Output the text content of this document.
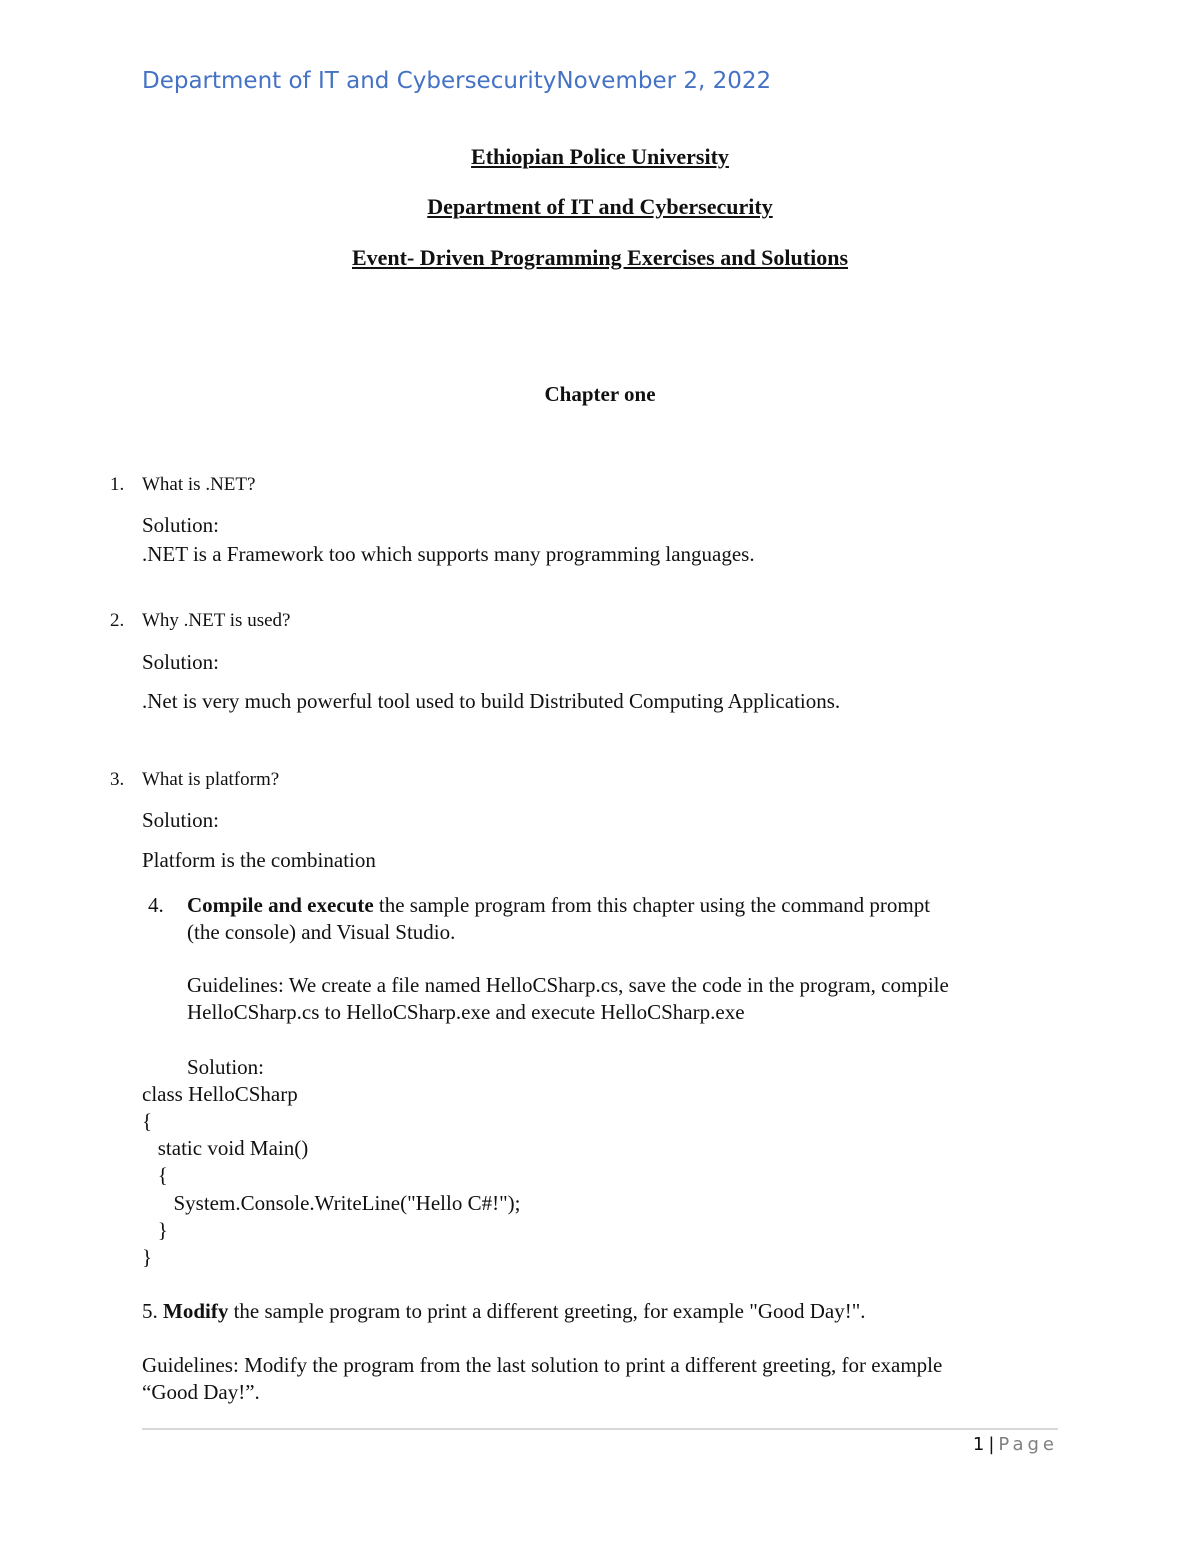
Department of IT and CybersecurityNovember 2, 2022
Ethiopian Police University
Department of IT and Cybersecurity
Event- Driven Programming Exercises and Solutions
Chapter one
1. What is .NET?
Solution:
.NET is a Framework too which supports many programming languages.
2. Why .NET is used?
Solution:
.Net is very much powerful tool used to build Distributed Computing Applications.
3. What is platform?
Solution:
Platform is the combination
4. Compile and execute the sample program from this chapter using the command prompt
(the console) and Visual Studio.
Guidelines: We create a file named HelloCSharp.cs, save the code in the program, compile
HelloCSharp.cs to HelloCSharp.exe and execute HelloCSharp.exe
Solution:
class HelloCSharp
{
static void Main()
{
System.Console.WriteLine("Hello C#!");
}
}
5. Modify the sample program to print a different greeting, for example "Good Day!".
Guidelines: Modify the program from the last solution to print a different greeting, for example
“Good Day!”.
1 | Page
